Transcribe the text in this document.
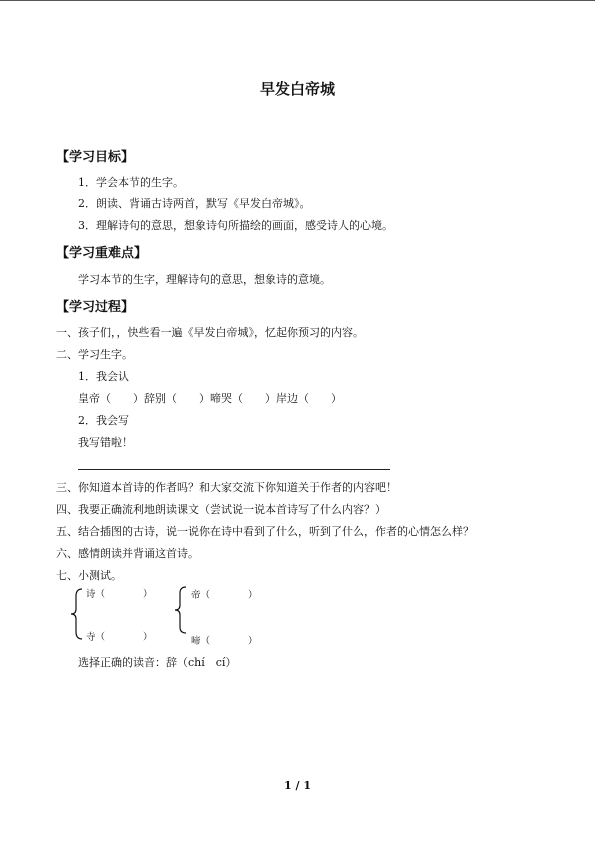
早发白帝城
【学习目标】
1．学会本节的生字。
2．朗读、背诵古诗两首，默写《早发白帝城》。
3．理解诗句的意思，想象诗句所描绘的画面，感受诗人的心境。
【学习重难点】
学习本节的生字，理解诗句的意思，想象诗的意境。
【学习过程】
一、孩子们，，快些看一遍《早发白帝城》，忆起你预习的内容。
二、学习生字。
1．我会认
皇帝（　　）辞别（　　）啼哭（　　）岸边（　　）
2．我会写
我写错啦！
三、你知道本首诗的作者吗？和大家交流下你知道关于作者的内容吧！
四、我要正确流利地朗读课文（尝试说一说本首诗写了什么内容？）
五、结合插图的古诗，说一说你在诗中看到了什么，听到了什么，作者的心情怎么样？
六、感情朗读并背诵这首诗。
七、小测试。
诗（　　　　）
寺（　　　　）
帝（　　　　）
啼（　　　　）
选择正确的读音：辞（chí　cí）
1 / 1
